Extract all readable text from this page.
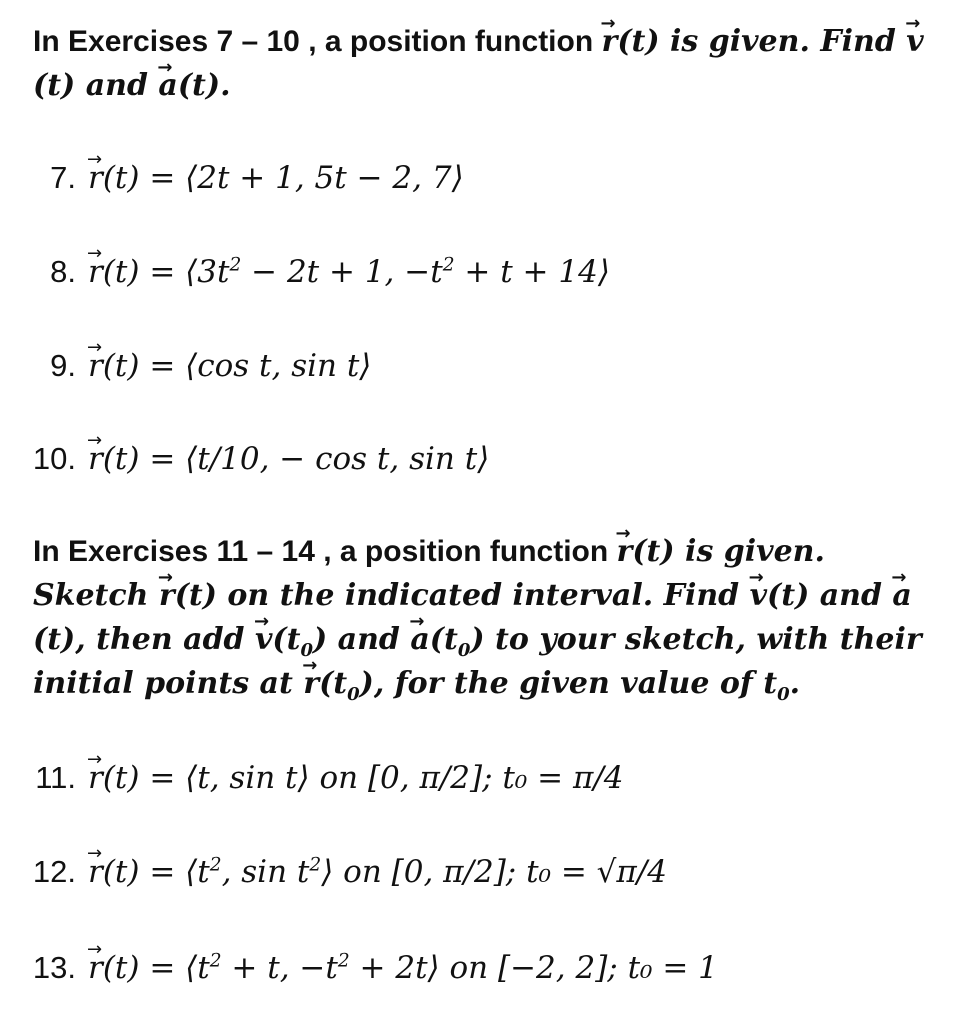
In Exercises 7 – 10 , a position function r →(t) is given. Find v →(t) and a →(t).
7. r →(t) = ⟨2t + 1, 5t − 2, 7⟩
8. $r \to(t) = ⟨3t^2 - 2t + 1$, $-t^2 + t$ + 14⟩
9. r →(t) = ⟨cos t, sin t⟩
10. r →(t) = ⟨t/10, − cos t, sin t⟩
In Exercises 11 – 14 , a position function r →(t) is given. Sketch r →(t) on the indicated interval. Find v →(t) and a →(t), then add $v \to(t_0)$ and $a \to(t_0)$ to your sketch, with their initial points at $r \to(t_0)$, for the given value of $t_0$.
11. r →(t) = ⟨t, sin t⟩ on [0, π/2]; t₀ = π/4
12. $r \to(t) = ⟨t^2$, $\sin t^2⟩$ on [0, π/2]; t₀ = √π/4
13. $r \to(t) = ⟨t^2 + t$, $-t^2$ + 2t⟩ on [−2, 2]; t₀ = 1
